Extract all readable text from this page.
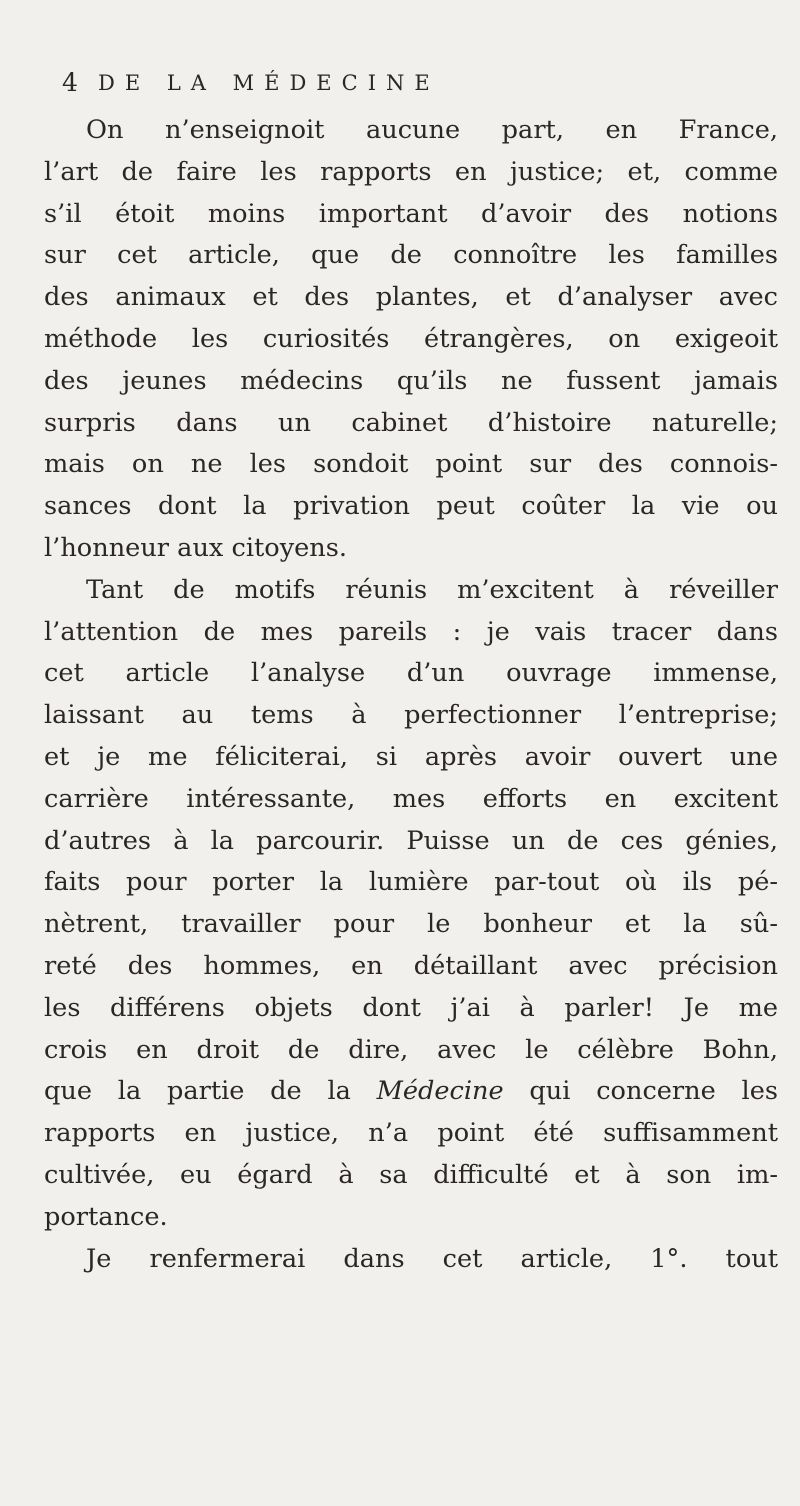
4 DE LA MÉDECINE
On n’enseignoit aucune part, en France,
l’art de faire les rapports en justice; et, comme
s’il étoit moins important d’avoir des notions
sur cet article, que de connoître les familles
des animaux et des plantes, et d’analyser avec
méthode les curiosités étrangères, on exigeoit
des jeunes médecins qu’ils ne fussent jamais
surpris dans un cabinet d’histoire naturelle;
mais on ne les sondoit point sur des connois-
sances dont la privation peut coûter la vie ou
l’honneur aux citoyens.
Tant de motifs réunis m’excitent à réveiller
l’attention de mes pareils : je vais tracer dans
cet article l’analyse d’un ouvrage immense,
laissant au tems à perfectionner l’entreprise;
et je me féliciterai, si après avoir ouvert une
carrière intéressante, mes efforts en excitent
d’autres à la parcourir. Puisse un de ces génies,
faits pour porter la lumière par-tout où ils pé-
nètrent, travailler pour le bonheur et la sû-
reté des hommes, en détaillant avec précision
les différens objets dont j’ai à parler! Je me
crois en droit de dire, avec le célèbre Bohn,
que la partie de la Médecine qui concerne les
rapports en justice, n’a point été suffisamment
cultivée, eu égard à sa difficulté et à son im-
portance.
Je renfermerai dans cet article, 1°. tout
